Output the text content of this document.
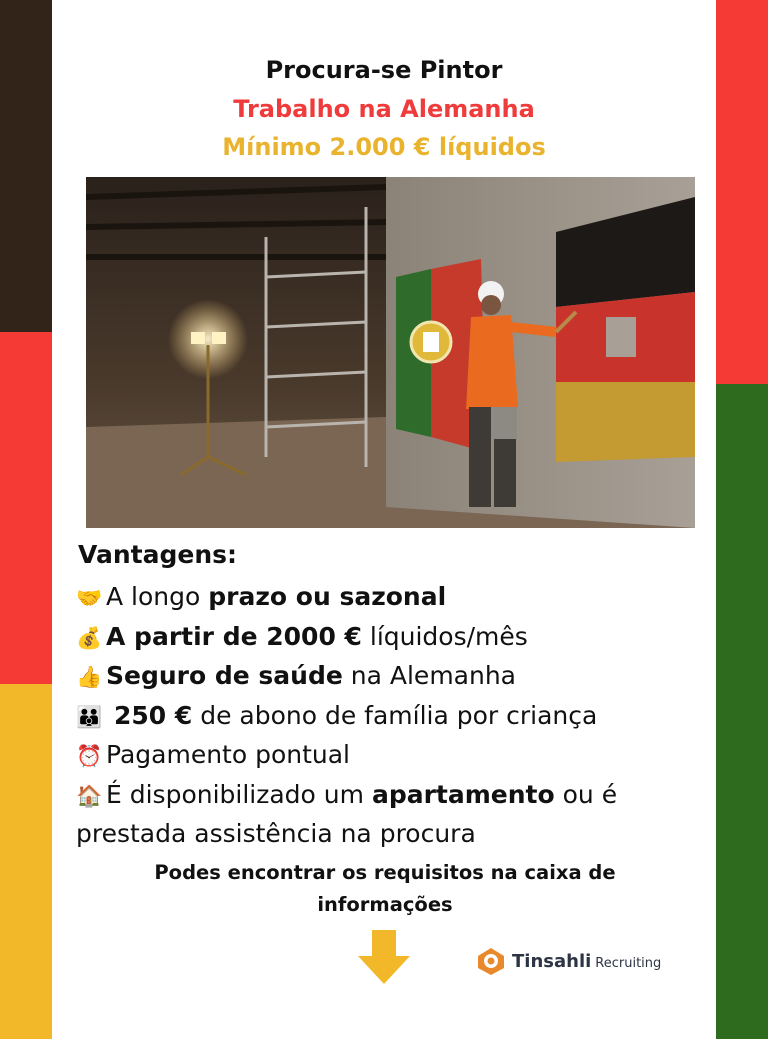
Procura-se Pintor
Trabalho na Alemanha
Mínimo 2.000 € líquidos
Vantagens:
🤝 A longo prazo ou sazonal
💰 A partir de 2000 € líquidos/mês
👍 Seguro de saúde na Alemanha
👪 250 € de abono de família por criança
⏰ Pagamento pontual
🏠 É disponibilizado um apartamento ou é prestada assistência na procura
Podes encontrar os requisitos na caixa de informações
Tinsahli Recruiting
